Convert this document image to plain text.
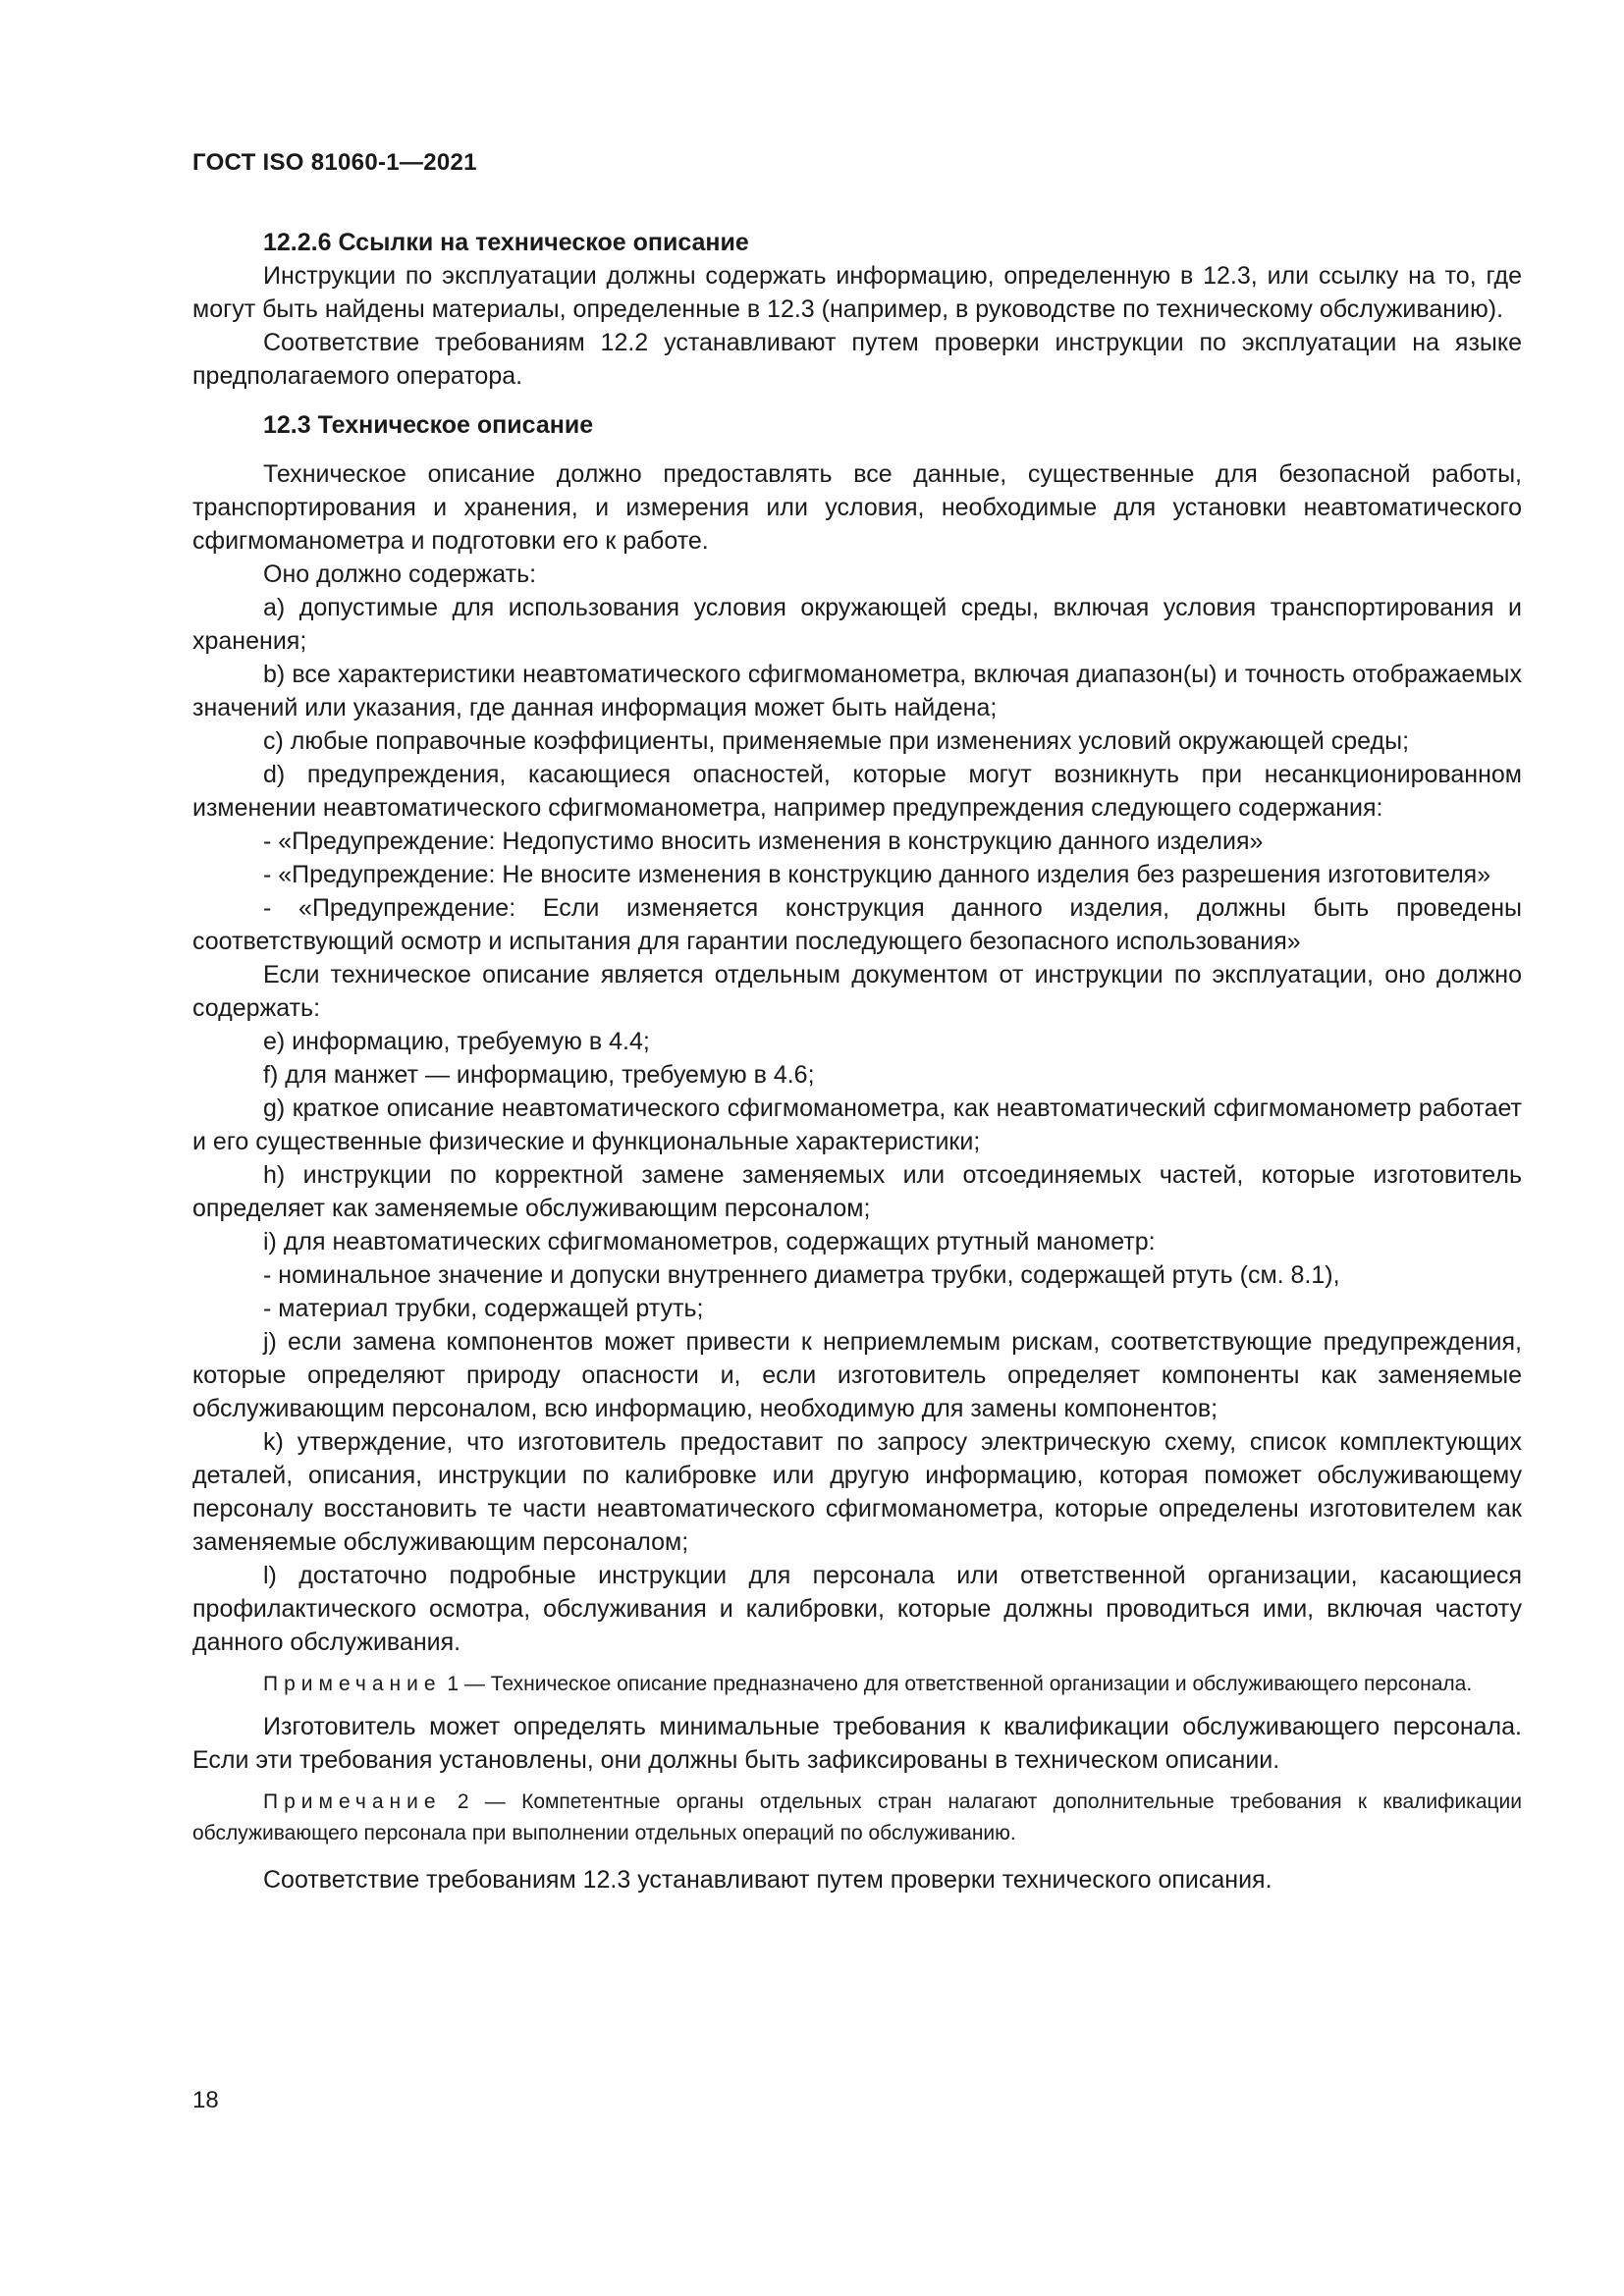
ГОСТ ISO 81060-1—2021
12.2.6 Ссылки на техническое описание

Инструкции по эксплуатации должны содержать информацию, определенную в 12.3, или ссылку на то, где могут быть найдены материалы, определенные в 12.3 (например, в руководстве по техническому обслуживанию).

Соответствие требованиям 12.2 устанавливают путем проверки инструкции по эксплуатации на языке предполагаемого оператора.

12.3 Техническое описание

Техническое описание должно предоставлять все данные, существенные для безопасной работы, транспортирования и хранения, и измерения или условия, необходимые для установки неавтоматического сфигмоманометра и подготовки его к работе.

Оно должно содержать:

a) допустимые для использования условия окружающей среды, включая условия транспортирования и хранения;

b) все характеристики неавтоматического сфигмоманометра, включая диапазон(ы) и точность отображаемых значений или указания, где данная информация может быть найдена;

c) любые поправочные коэффициенты, применяемые при изменениях условий окружающей среды;

d) предупреждения, касающиеся опасностей, которые могут возникнуть при несанкционированном изменении неавтоматического сфигмоманометра, например предупреждения следующего содержания:

- «Предупреждение: Недопустимо вносить изменения в конструкцию данного изделия»

- «Предупреждение: Не вносите изменения в конструкцию данного изделия без разрешения изготовителя»

- «Предупреждение: Если изменяется конструкция данного изделия, должны быть проведены соответствующий осмотр и испытания для гарантии последующего безопасного использования»

Если техническое описание является отдельным документом от инструкции по эксплуатации, оно должно содержать:

e) информацию, требуемую в 4.4;

f) для манжет — информацию, требуемую в 4.6;

g) краткое описание неавтоматического сфигмоманометра, как неавтоматический сфигмоманометр работает и его существенные физические и функциональные характеристики;

h) инструкции по корректной замене заменяемых или отсоединяемых частей, которые изготовитель определяет как заменяемые обслуживающим персоналом;

i) для неавтоматических сфигмоманометров, содержащих ртутный манометр:

- номинальное значение и допуски внутреннего диаметра трубки, содержащей ртуть (см. 8.1),

- материал трубки, содержащей ртуть;

j) если замена компонентов может привести к неприемлемым рискам, соответствующие предупреждения, которые определяют природу опасности и, если изготовитель определяет компоненты как заменяемые обслуживающим персоналом, всю информацию, необходимую для замены компонентов;

k) утверждение, что изготовитель предоставит по запросу электрическую схему, список комплектующих деталей, описания, инструкции по калибровке или другую информацию, которая поможет обслуживающему персоналу восстановить те части неавтоматического сфигмоманометра, которые определены изготовителем как заменяемые обслуживающим персоналом;

l) достаточно подробные инструкции для персонала или ответственной организации, касающиеся профилактического осмотра, обслуживания и калибровки, которые должны проводиться ими, включая частоту данного обслуживания.

Примечание 1 — Техническое описание предназначено для ответственной организации и обслуживающего персонала.

Изготовитель может определять минимальные требования к квалификации обслуживающего персонала. Если эти требования установлены, они должны быть зафиксированы в техническом описании.

Примечание 2 — Компетентные органы отдельных стран налагают дополнительные требования к квалификации обслуживающего персонала при выполнении отдельных операций по обслуживанию.

Соответствие требованиям 12.3 устанавливают путем проверки технического описания.

18
